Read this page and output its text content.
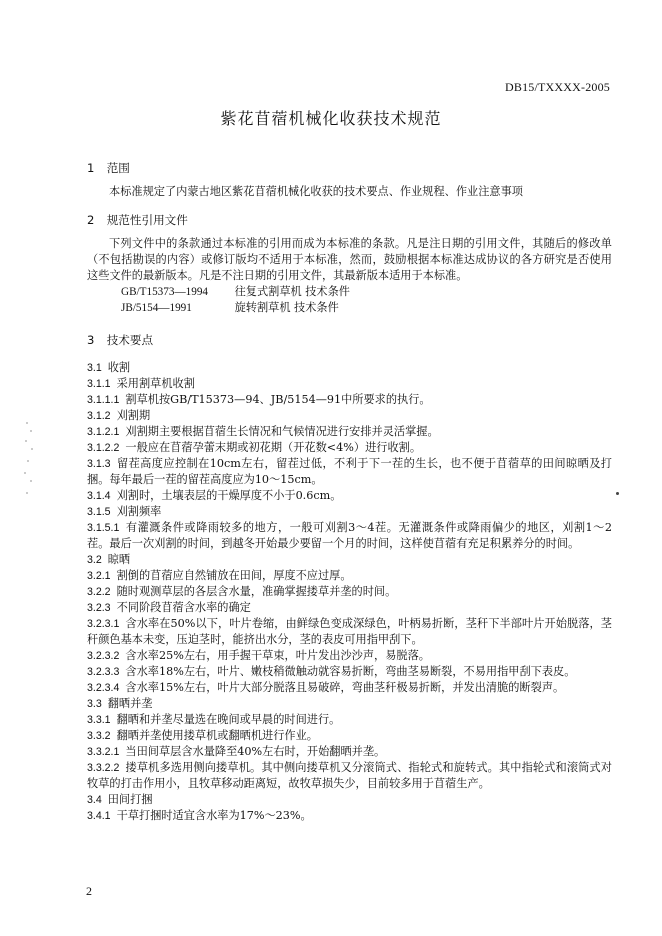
DB15/TXXXX-2005
紫花苜蓿机械化收获技术规范

1 范围

本标准规定了内蒙古地区紫花苜蓿机械化收获的技术要点、作业规程、作业注意事项

2 规范性引用文件

下列文件中的条款通过本标准的引用而成为本标准的条款。凡是注日期的引用文件，其随后的修改单（不包括勘误的内容）或修订版均不适用于本标准，然而，鼓励根据本标准达成协议的各方研究是否使用这些文件的最新版本。凡是不注日期的引用文件，其最新版本适用于本标准。

GB/T15373—1994 往复式割草机 技术条件
JB/5154—1991	旋转割草机 技术条件

3 技术要点

3.1 收割

3.1.1 采用割草机收割

3.1.1.1 割草机按GB/T15373—94、JB/5154—91中所要求的执行。

3.1.2 刈割期

3.1.2.1 刈割期主要根据苜蓿生长情况和气候情况进行安排并灵活掌握。

3.1.2.2 一般应在苜蓿孕蕾末期或初花期（开花数<4%）进行收割。

3.1.3 留茬高度应控制在10cm左右，留茬过低，不利于下一茬的生长，也不便于苜蓿草的田间晾晒及打捆。每年最后一茬的留茬高度应为10～15cm。

3.1.4 刈割时，土壤表层的干燥厚度不小于0.6cm。

3.1.5 刈割频率

3.1.5.1 有灌溉条件或降雨较多的地方，一般可刈割3～4茬。无灌溉条件或降雨偏少的地区，刈割1～2茬。最后一次刈割的时间，到越冬开始最少要留一个月的时间，这样使苜蓿有充足积累养分的时间。

3.2 晾晒

3.2.1 割倒的苜蓿应自然铺放在田间，厚度不应过厚。

3.2.2 随时观测草层的各层含水量，准确掌握搂草并垄的时间。

3.2.3 不同阶段苜蓿含水率的确定

3.2.3.1 含水率在50%以下，叶片卷缩，由鲜绿色变成深绿色，叶柄易折断，茎秆下半部叶片开始脱落，茎秆颜色基本未变，压迫茎时，能挤出水分，茎的表皮可用指甲刮下。

3.2.3.2 含水率25%左右，用手握干草束，叶片发出沙沙声，易脱落。

3.2.3.3 含水率18%左右，叶片、嫩枝稍微触动就容易折断，弯曲茎易断裂，不易用指甲刮下表皮。

3.2.3.4 含水率15%左右，叶片大部分脱落且易破碎，弯曲茎秆极易折断，并发出清脆的断裂声。

3.3 翻晒并垄

3.3.1 翻晒和并垄尽量选在晚间或早晨的时间进行。

3.3.2 翻晒并垄使用搂草机或翻晒机进行作业。

3.3.2.1 当田间草层含水量降至40%左右时，开始翻晒并垄。

3.3.2.2 搂草机多选用侧向搂草机。其中侧向搂草机又分滚筒式、指轮式和旋转式。其中指轮式和滚筒式对牧草的打击作用小，且牧草移动距离短，故牧草损失少，目前较多用于苜蓿生产。

3.4 田间打捆

3.4.1 干草打捆时适宜含水率为17%～23%。

2
